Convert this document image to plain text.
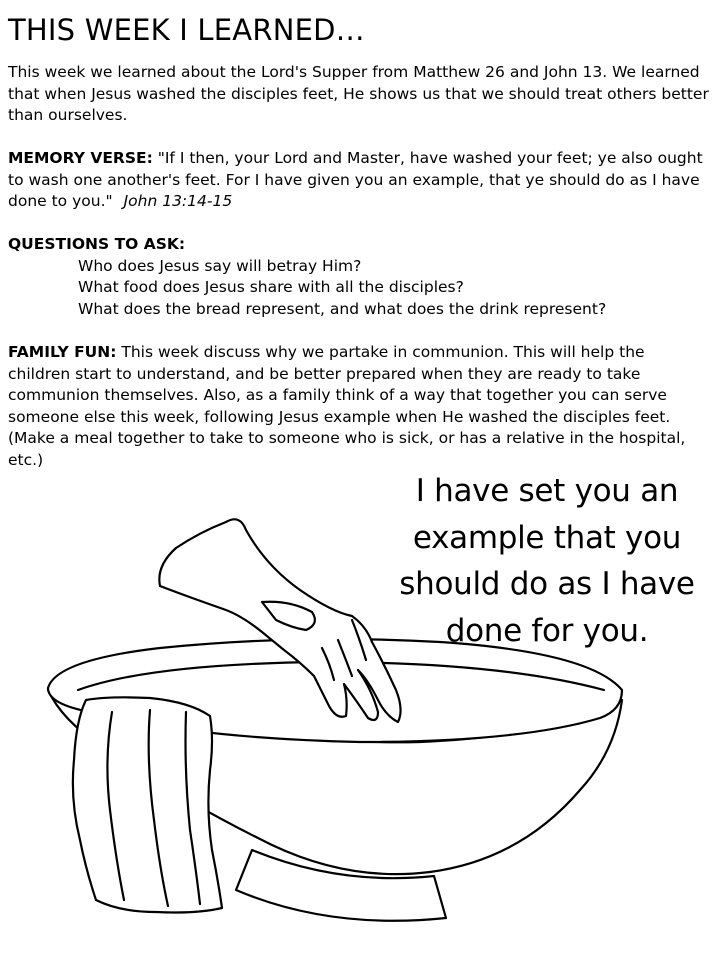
THIS WEEK I LEARNED…

This week we learned about the Lord's Supper from Matthew 26 and John 13. We learned that when Jesus washed the disciples feet, He shows us that we should treat others better than ourselves.

MEMORY VERSE: "If I then, your Lord and Master, have washed your feet; ye also ought to wash one another's feet. For I have given you an example, that ye should do as I have done to you." John 13:14-15

QUESTIONS TO ASK:
Who does Jesus say will betray Him?
What food does Jesus share with all the disciples?
What does the bread represent, and what does the drink represent?

FAMILY FUN: This week discuss why we partake in communion. This will help the children start to understand, and be better prepared when they are ready to take communion themselves. Also, as a family think of a way that together you can serve someone else this week, following Jesus example when He washed the disciples feet. (Make a meal together to take to someone who is sick, or has a relative in the hospital, etc.)

I have set you an example that you should do as I have done for you.
